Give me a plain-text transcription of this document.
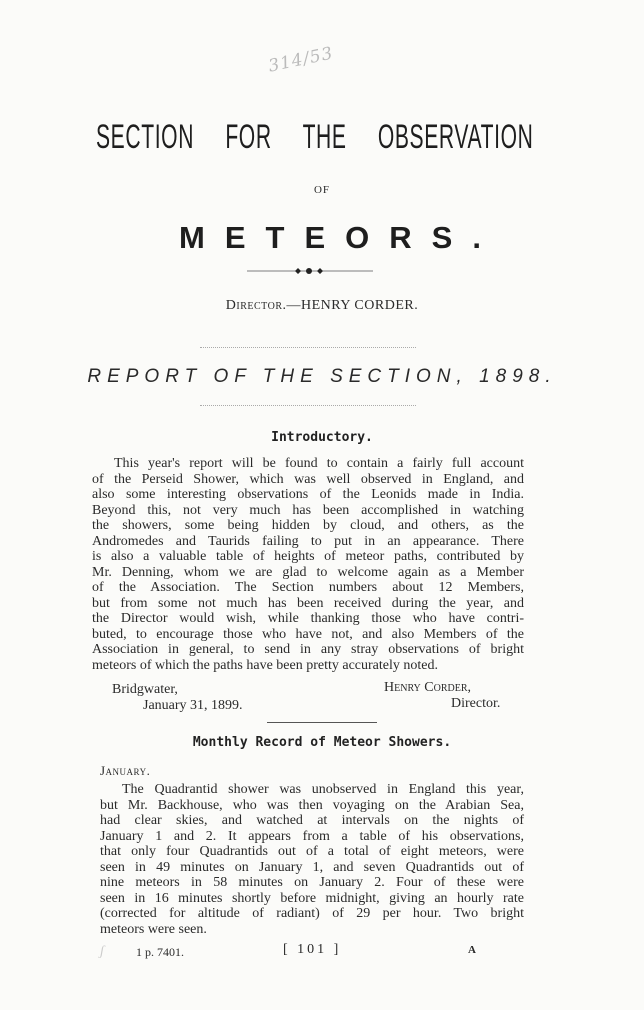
314/53
SECTION FOR THE OBSERVATION
OF
METEORS.
Director.—HENRY CORDER.
REPORT OF THE SECTION, 1898.
Introductory.
This year's report will be found to contain a fairly full account
of the Perseid Shower, which was well observed in England, and
also some interesting observations of the Leonids made in India.
Beyond this, not very much has been accomplished in watching
the showers, some being hidden by cloud, and others, as the
Andromedes and Taurids failing to put in an appearance. There
is also a valuable table of heights of meteor paths, contributed by
Mr. Denning, whom we are glad to welcome again as a Member
of the Association. The Section numbers about 12 Members,
but from some not much has been received during the year, and
the Director would wish, while thanking those who have contri-
buted, to encourage those who have not, and also Members of the
Association in general, to send in any stray observations of bright
meteors of which the paths have been pretty accurately noted.
Bridgwater,
January 31, 1899.
Henry Corder,
Director.
Monthly Record of Meteor Showers.
January.
The Quadrantid shower was unobserved in England this year,
but Mr. Backhouse, who was then voyaging on the Arabian Sea,
had clear skies, and watched at intervals on the nights of
January 1 and 2. It appears from a table of his observations,
that only four Quadrantids out of a total of eight meteors, were
seen in 49 minutes on January 1, and seven Quadrantids out of
nine meteors in 58 minutes on January 2. Four of these were
seen in 16 minutes shortly before midnight, giving an hourly rate
(corrected for altitude of radiant) of 29 per hour. Two bright
meteors were seen.
ʃ	1 p. 7401.	[ 101 ]	A
